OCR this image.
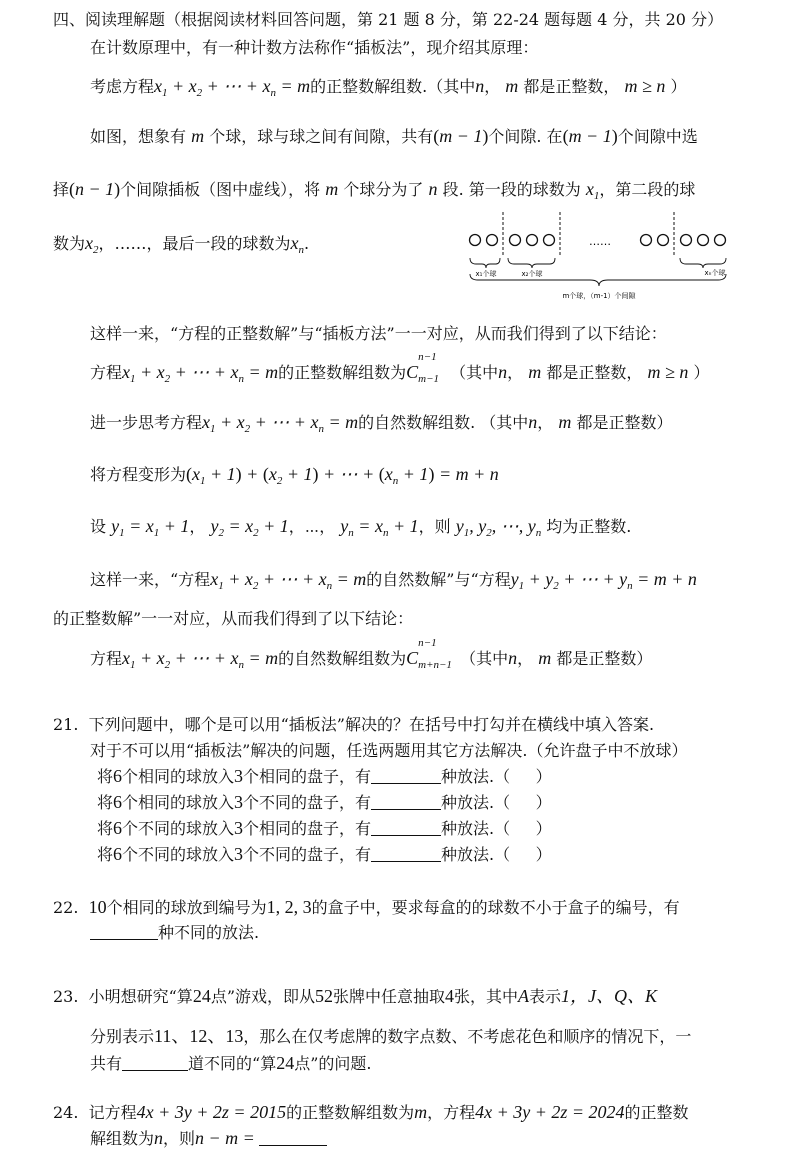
四、阅读理解题（根据阅读材料回答问题，第 21 题 8 分，第 22-24 题每题 4 分，共 20 分）
在计数原理中，有一种计数方法称作“插板法”，现介绍其原理：
考虑方程$x_1 + x_2$ + ⋯ + $x_n = m$的正整数解组数.（其中n， m 都是正整数， m ≥ n ）
如图，想象有 m 个球，球与球之间有间隙，共有(m − 1)个间隙. 在(m − 1)个间隙中选
择(n − 1)个间隙插板（图中虚线），将 m 个球分为了 n 段. 第一段的球数为 $x_1$，第二段的球
数为$x_2$，……，最后一段的球数为$x_n$.	……
x₁个球	x₂个球	xₙ个球
m个球，（m-1）个间隙
这样一来，“方程的正整数解”与“插板方法”一一对应，从而我们得到了以下结论：
方程$x_1 + x_2$ + ⋯ + $x_n = m$的正整数解组数为C
n−1
m−1 （其中n， m 都是正整数， m ≥ n ）
进一步思考方程$x_1 + x_2$ + ⋯ + $x_n = m$的自然数解组数. （其中n， m 都是正整数）
将方程变形为$(x_1 + 1) + (x_2 + 1)$ + ⋯ + $(x_n + 1) = m + n$
设 $y_1 = x_1 + 1$， $y_2 = x_2 + 1$，⋯， $y_n = x_n + 1$，则 $y_1$, $y_2$, ⋯, $y_n$ 均为正整数.
这样一来，“方程$x_1 + x_2$ + ⋯ + $x_n = m$的自然数解”与“方程$y_1 + y_2$ + ⋯ + $y_n = m + n$
的正整数解”一一对应，从而我们得到了以下结论：
方程$x_1 + x_2$ + ⋯ + $x_n = m$的自然数解组数为C
n−1
m+n−1 （其中n， m 都是正整数）
21. 下列问题中，哪个是可以用“插板法”解决的？在括号中打勾并在横线中填入答案.
对于不可以用“插板法”解决的问题，任选两题用其它方法解决.（允许盘子中不放球）
将6个相同的球放入3个相同的盘子，有	种放法.（ ）
将6个相同的球放入3个不同的盘子，有	种放法.（ ）
将6个不同的球放入3个相同的盘子，有	种放法.（ ）
将6个不同的球放入3个不同的盘子，有	种放法.（ ）
22. 10个相同的球放到编号为1, 2, 3的盒子中，要求每盒的的球数不小于盒子的编号，有
种不同的放法.
23. 小明想研究“算24点”游戏，即从52张牌中任意抽取4张，其中A表示1，J、Q、K
分别表示11、12、13，那么在仅考虑牌的数字点数、不考虑花色和顺序的情况下，一
共有	道不同的“算24点”的问题.
24. 记方程4x + 3y + 2z = 2015的正整数解组数为m，方程4x + 3y + 2z = 2024的正整数
解组数为n，则n − m =
